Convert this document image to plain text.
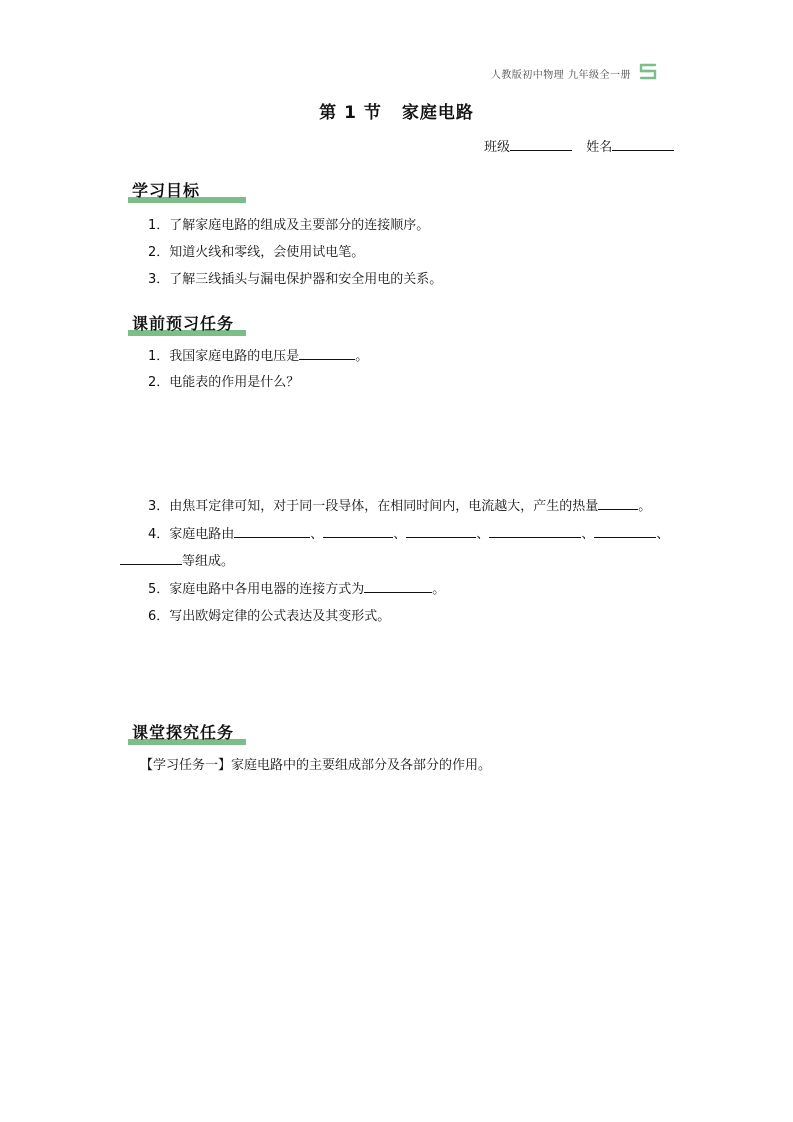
人教版初中物理 九年级全一册
第 1 节 家庭电路
班级	姓名
学习目标
1．了解家庭电路的组成及主要部分的连接顺序。
2．知道火线和零线，会使用试电笔。
3．了解三线插头与漏电保护器和安全用电的关系。
课前预习任务
1．我国家庭电路的电压是	。
2．电能表的作用是什么？
3．由焦耳定律可知，对于同一段导体，在相同时间内，电流越大，产生的热量	。
4．家庭电路由	、	、	、	、	、
等组成。
5．家庭电路中各用电器的连接方式为	。
6．写出欧姆定律的公式表达及其变形式。
课堂探究任务
【学习任务一】家庭电路中的主要组成部分及各部分的作用。
